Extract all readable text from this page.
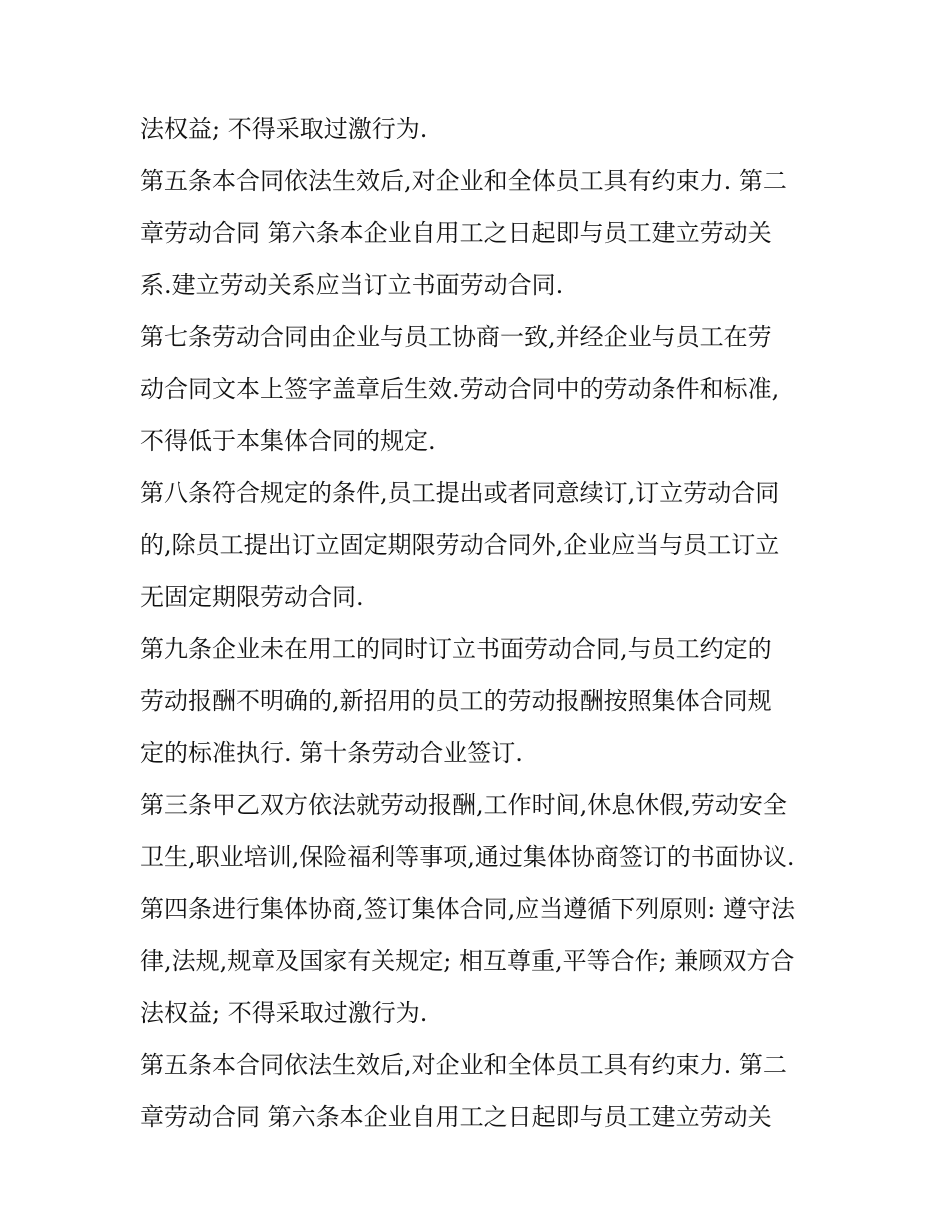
法权益; 不得采取过激行为.
第五条本合同依法生效后,对企业和全体员工具有约束力. 第二
章劳动合同 第六条本企业自用工之日起即与员工建立劳动关
系.建立劳动关系应当订立书面劳动合同.
第七条劳动合同由企业与员工协商一致,并经企业与员工在劳
动合同文本上签字盖章后生效.劳动合同中的劳动条件和标准,
不得低于本集体合同的规定.
第八条符合规定的条件,员工提出或者同意续订,订立劳动合同
的,除员工提出订立固定期限劳动合同外,企业应当与员工订立
无固定期限劳动合同.
第九条企业未在用工的同时订立书面劳动合同,与员工约定的
劳动报酬不明确的,新招用的员工的劳动报酬按照集体合同规
定的标准执行. 第十条劳动合业签订.
第三条甲乙双方依法就劳动报酬,工作时间,休息休假,劳动安全
卫生,职业培训,保险福利等事项,通过集体协商签订的书面协议.
第四条进行集体协商,签订集体合同,应当遵循下列原则: 遵守法
律,法规,规章及国家有关规定; 相互尊重,平等合作; 兼顾双方合
法权益; 不得采取过激行为.
第五条本合同依法生效后,对企业和全体员工具有约束力. 第二
章劳动合同 第六条本企业自用工之日起即与员工建立劳动关
